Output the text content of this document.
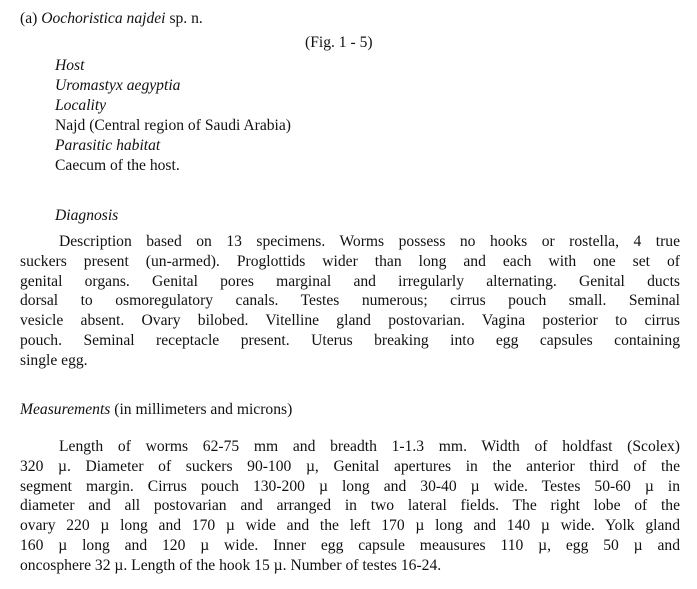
(a) Oochoristica najdei sp. n.
(Fig. 1 - 5)
Host
Uromastyx aegyptia
Locality
Najd (Central region of Saudi Arabia)
Parasitic habitat
Caecum of the host.
Diagnosis
Description based on 13 specimens. Worms possess no hooks or rostella, 4 true
suckers present (un-armed). Proglottids wider than long and each with one set of
genital organs. Genital pores marginal and irregularly alternating. Genital ducts
dorsal to osmoregulatory canals. Testes numerous; cirrus pouch small. Seminal
vesicle absent. Ovary bilobed. Vitelline gland postovarian. Vagina posterior to cirrus
pouch. Seminal receptacle present. Uterus breaking into egg capsules containing
single egg.
Measurements (in millimeters and microns)
Length of worms 62-75 mm and breadth 1-1.3 mm. Width of holdfast (Scolex)
320 µ. Diameter of suckers 90-100 µ, Genital apertures in the anterior third of the
segment margin. Cirrus pouch 130-200 µ long and 30-40 µ wide. Testes 50-60 µ in
diameter and all postovarian and arranged in two lateral fields. The right lobe of the
ovary 220 µ long and 170 µ wide and the left 170 µ long and 140 µ wide. Yolk gland
160 µ long and 120 µ wide. Inner egg capsule meausures 110 µ, egg 50 µ and
oncosphere 32 µ. Length of the hook 15 µ. Number of testes 16-24.
